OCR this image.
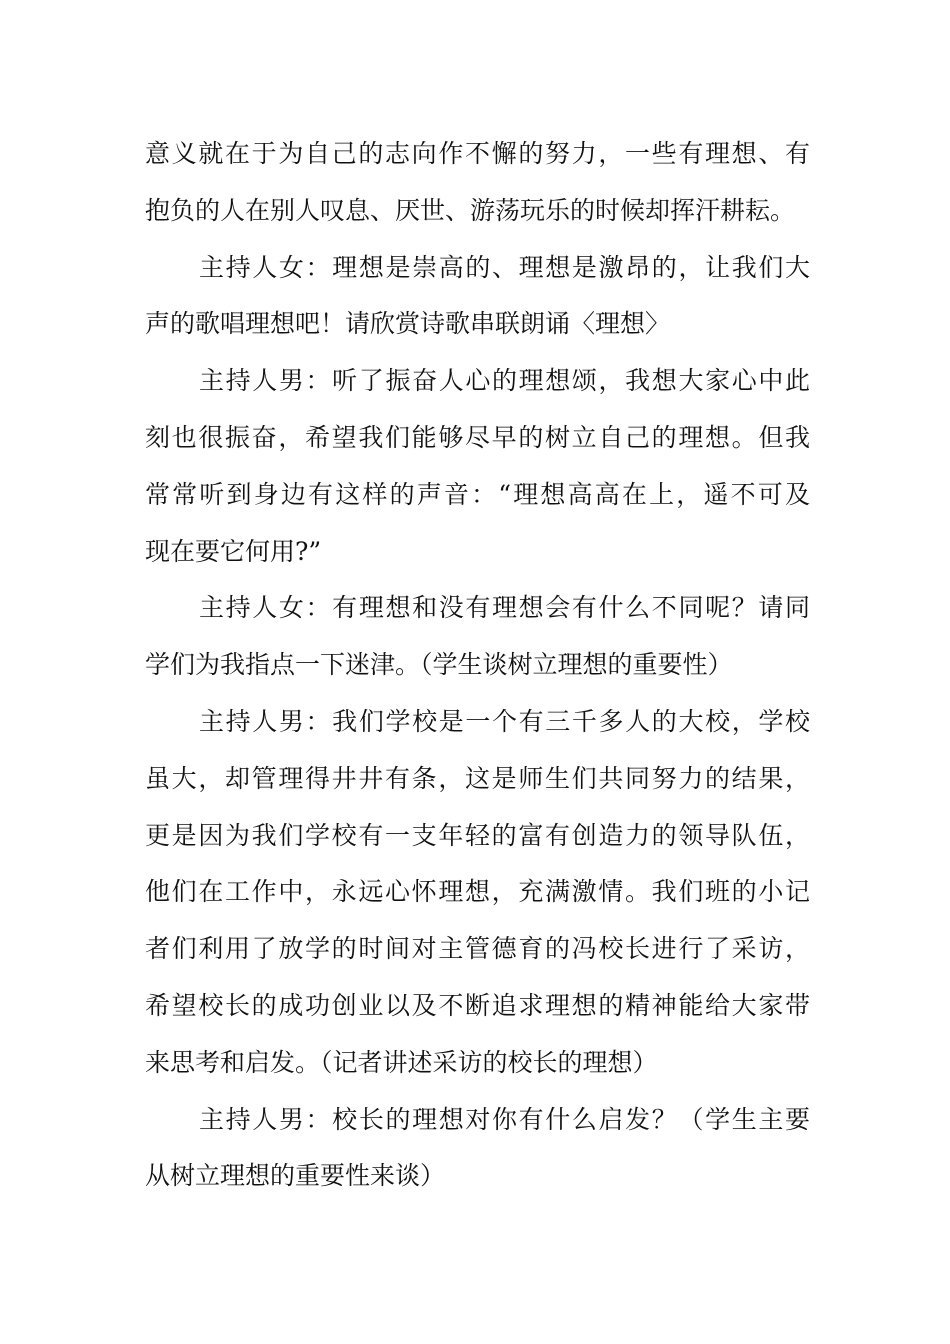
意义就在于为自己的志向作不懈的努力，一些有理想、有
抱负的人在别人叹息、厌世、游荡玩乐的时候却挥汗耕耘。
主持人女：理想是崇高的、理想是激昂的，让我们大
声的歌唱理想吧！请欣赏诗歌串联朗诵〈理想〉
主持人男：听了振奋人心的理想颂，我想大家心中此
刻也很振奋，希望我们能够尽早的树立自己的理想。但我
常常听到身边有这样的声音：“理想高高在上，遥不可及
现在要它何用?”
主持人女：有理想和没有理想会有什么不同呢？请同
学们为我指点一下迷津。（学生谈树立理想的重要性）
主持人男：我们学校是一个有三千多人的大校，学校
虽大，却管理得井井有条，这是师生们共同努力的结果，
更是因为我们学校有一支年轻的富有创造力的领导队伍，
他们在工作中，永远心怀理想，充满激情。我们班的小记
者们利用了放学的时间对主管德育的冯校长进行了采访，
希望校长的成功创业以及不断追求理想的精神能给大家带
来思考和启发。（记者讲述采访的校长的理想）
主持人男：校长的理想对你有什么启发？（学生主要
从树立理想的重要性来谈）
